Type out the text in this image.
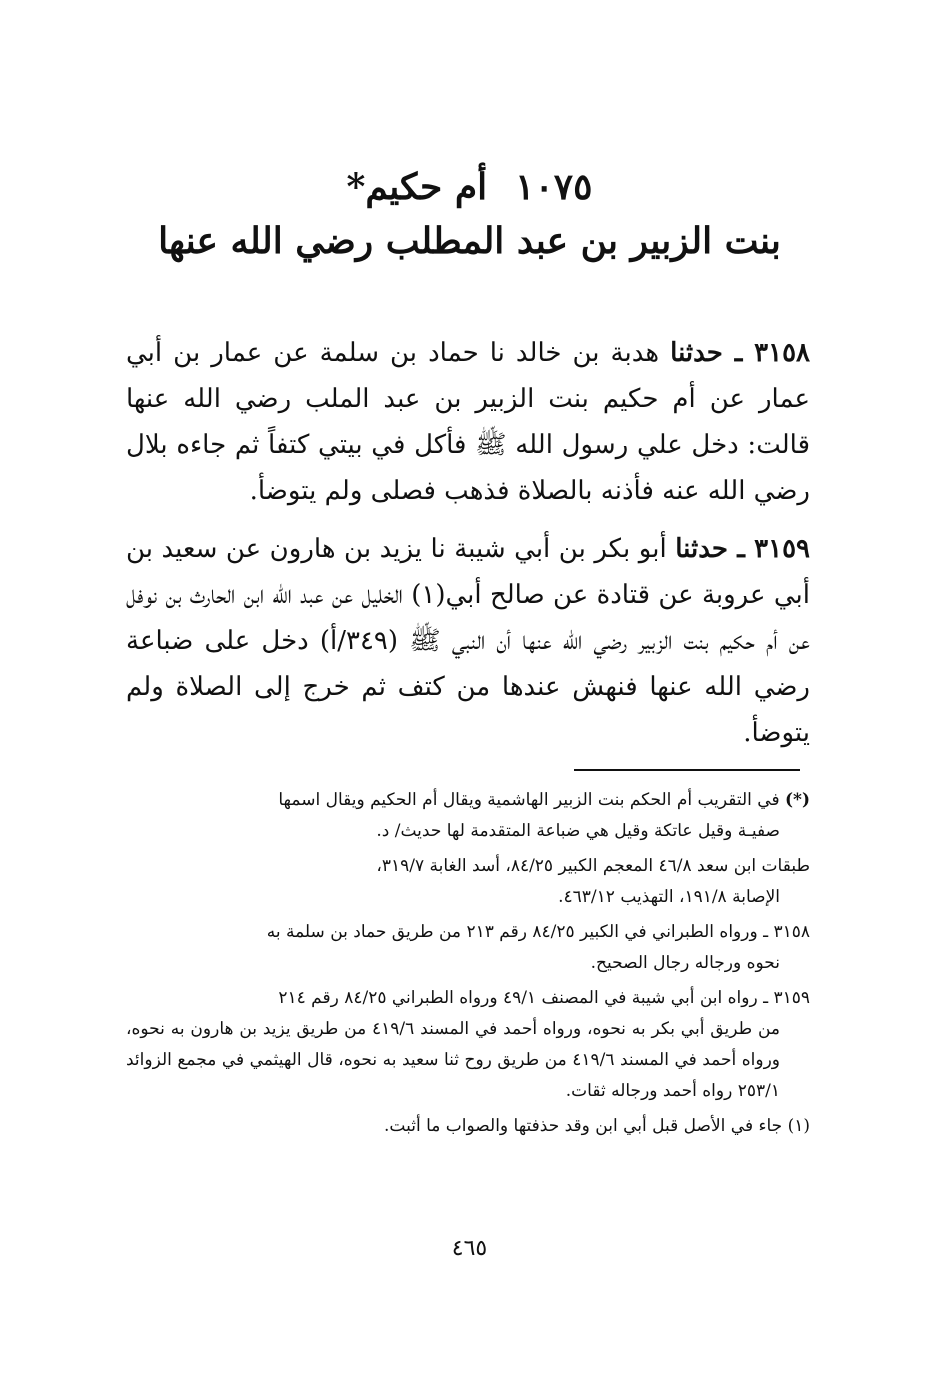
١٠٧٥أم حكيم*
بنت الزبير بن عبد المطلب رضي الله عنها

٣١٥٨ ـ حدثنا هدبة بن خالد نا حماد بن سلمة عن عمار بن أبي عمار عن أم حكيم بنت الزبير بن عبد الملب رضي الله عنها قالت: دخل علي رسول الله ﷺ فأكل في بيتي كتفاً ثم جاءه بلال رضي الله عنه فأذنه بالصلاة فذهب فصلى ولم يتوضأ.

٣١٥٩ ـ حدثنا أبو بكر بن أبي شيبة نا يزيد بن هارون عن سعيد بن أبي عروبة عن قتادة عن صالح أبي(١) الخليل عن عبد الله ابن الحارث بن نوفل عن أم حكيم بنت الزبير رضي الله عنها أن النبي ﷺ (٣٤٩/أ) دخل على ضباعة رضي الله عنها فنهش عندها من كتف ثم خرج إلى الصلاة ولم يتوضأ.

(*) في التقريب أم الحكم بنت الزبير الهاشمية ويقال أم الحكيم ويقال اسمها
صفيـة وقيل عاتكة وقيل هي ضباعة المتقدمة لها حديث/ د.
طبقات ابن سعد ٤٦/٨ المعجم الكبير ٨٤/٢٥، أسد الغابة ٣١٩/٧،
الإصابة ١٩١/٨، التهذيب ٤٦٣/١٢.
٣١٥٨ ـ ورواه الطبراني في الكبير ٨٤/٢٥ رقم ٢١٣ من طريق حماد بن سلمة به
نحوه ورجاله رجال الصحيح.
٣١٥٩ ـ رواه ابن أبي شيبة في المصنف ٤٩/١ ورواه الطبراني ٨٤/٢٥ رقم ٢١٤
من طريق أبي بكر به نحوه، ورواه أحمد في المسند ٤١٩/٦ من طريق يزيد بن هارون به نحوه، ورواه أحمد في المسند ٤١٩/٦ من طريق روح ثنا سعيد به نحوه، قال الهيثمي في مجمع الزوائد ٢٥٣/١ رواه أحمد ورجاله ثقات.
(١) جاء في الأصل قبل أبي ابن وقد حذفتها والصواب ما أثبت.
٤٦٥
